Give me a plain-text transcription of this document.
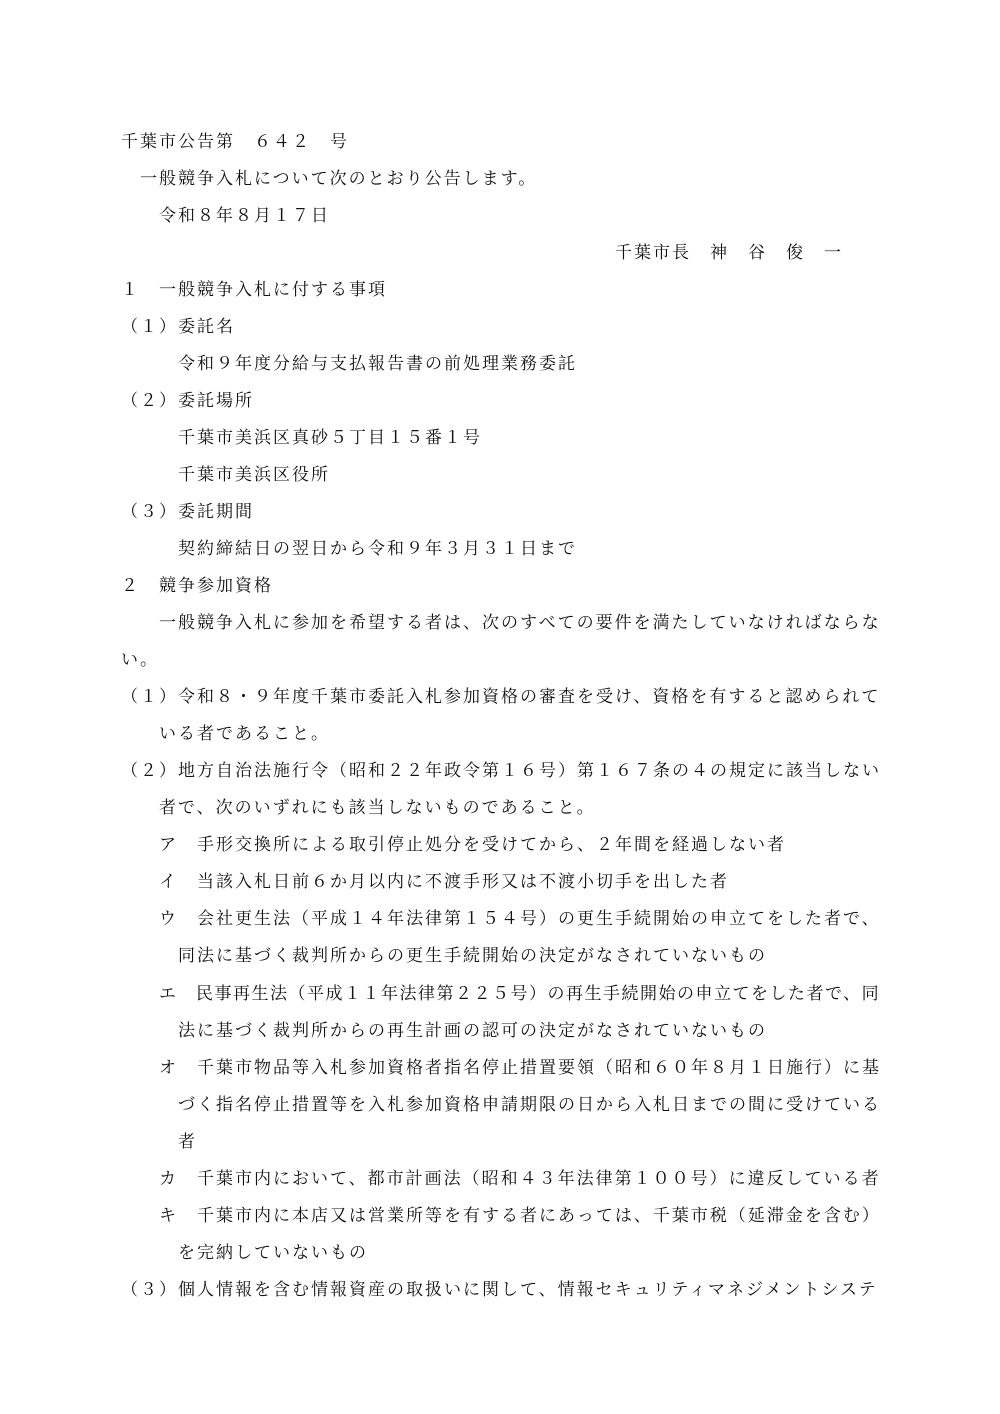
千葉市公告第　６４２　号
一般競争入札について次のとおり公告します。
令和８年８月１７日
千葉市長　神　谷　俊　一
１　一般競争入札に付する事項
（１）委託名
令和９年度分給与支払報告書の前処理業務委託
（２）委託場所
千葉市美浜区真砂５丁目１５番１号
千葉市美浜区役所
（３）委託期間
契約締結日の翌日から令和９年３月３１日まで
２　競争参加資格
一般競争入札に参加を希望する者は、次のすべての要件を満たしていなければならな
い。
（１）令和８・９年度千葉市委託入札参加資格の審査を受け、資格を有すると認められて
いる者であること。
（２）地方自治法施行令（昭和２２年政令第１６号）第１６７条の４の規定に該当しない
者で、次のいずれにも該当しないものであること。
ア　手形交換所による取引停止処分を受けてから、２年間を経過しない者
イ　当該入札日前６か月以内に不渡手形又は不渡小切手を出した者
ウ　会社更生法（平成１４年法律第１５４号）の更生手続開始の申立てをした者で、
同法に基づく裁判所からの更生手続開始の決定がなされていないもの
エ　民事再生法（平成１１年法律第２２５号）の再生手続開始の申立てをした者で、同
法に基づく裁判所からの再生計画の認可の決定がなされていないもの
オ　千葉市物品等入札参加資格者指名停止措置要領（昭和６０年８月１日施行）に基
づく指名停止措置等を入札参加資格申請期限の日から入札日までの間に受けている
者
カ　千葉市内において、都市計画法（昭和４３年法律第１００号）に違反している者
キ　千葉市内に本店又は営業所等を有する者にあっては、千葉市税（延滞金を含む）
を完納していないもの
（３）個人情報を含む情報資産の取扱いに関して、情報セキュリティマネジメントシステ
